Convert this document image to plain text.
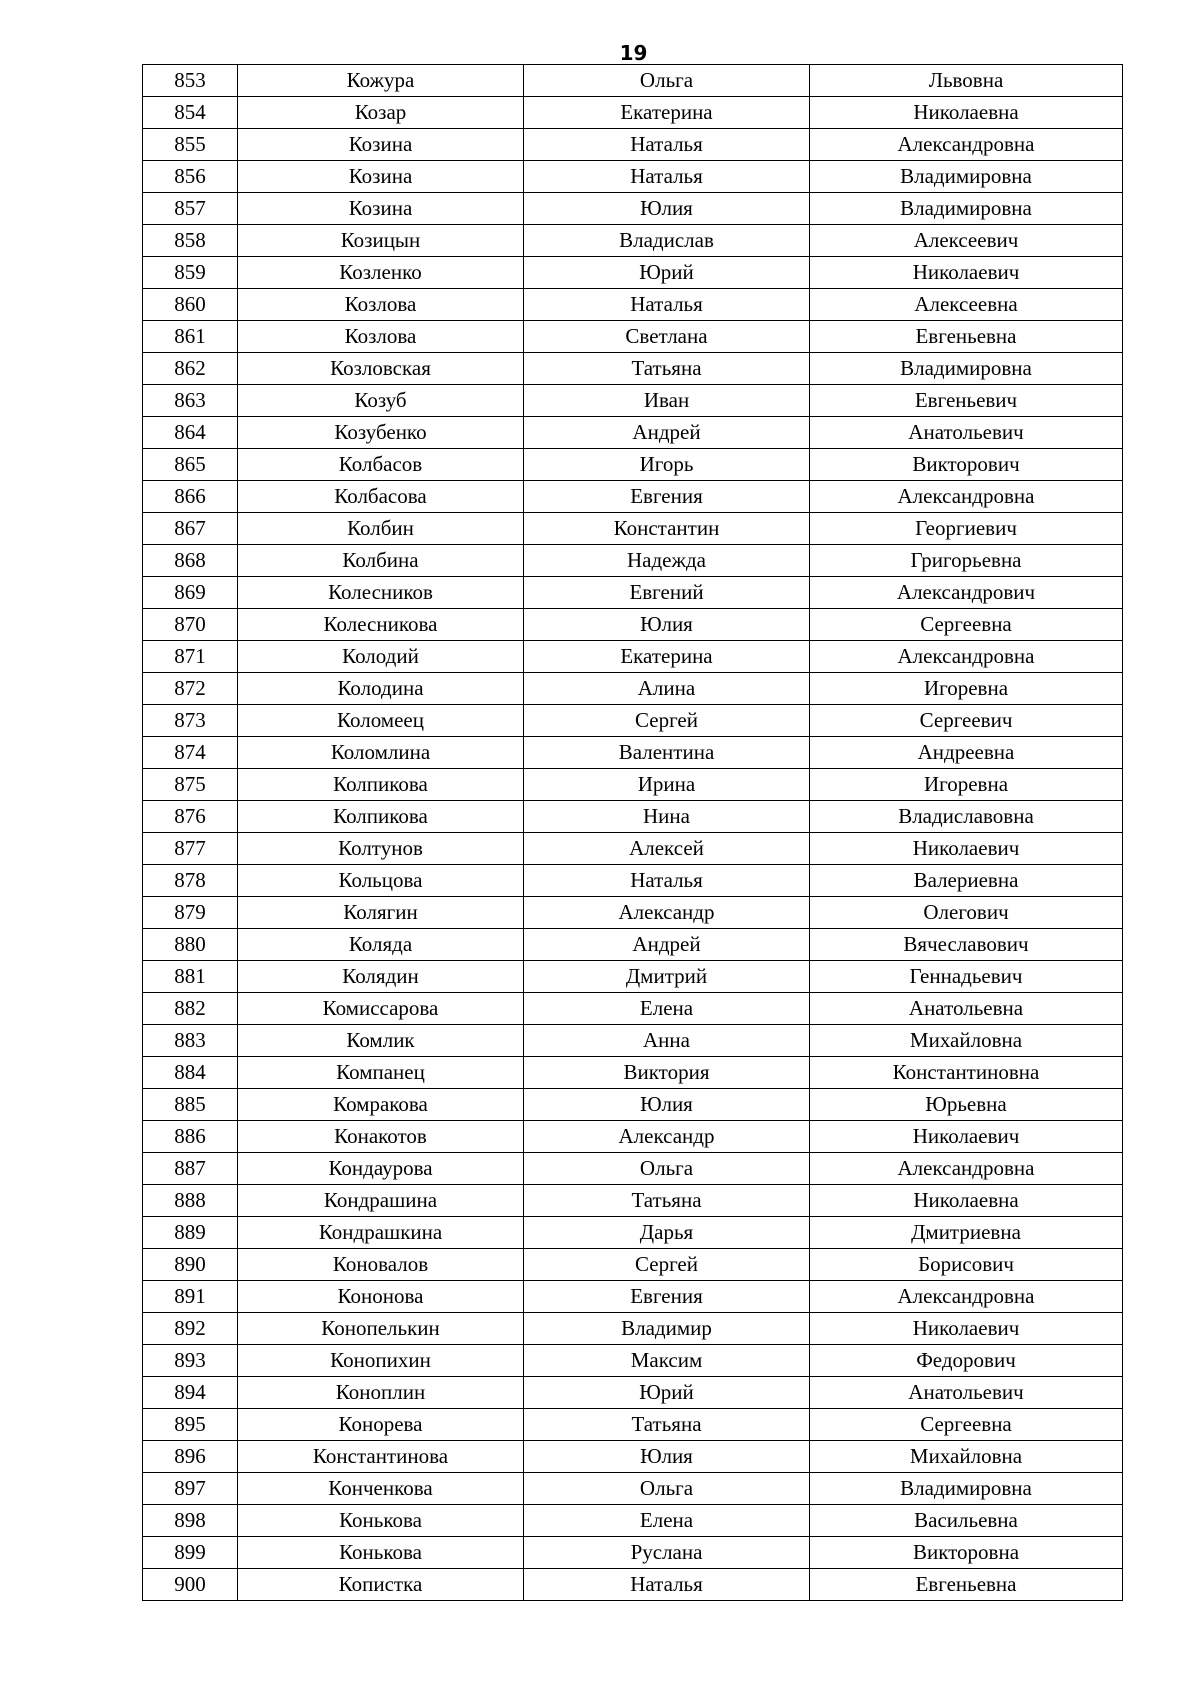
19
853	Кожура	Ольга	Львовна
854	Козар	Екатерина	Николаевна
855	Козина	Наталья	Александровна
856	Козина	Наталья	Владимировна
857	Козина	Юлия	Владимировна
858	Козицын	Владислав	Алексеевич
859	Козленко	Юрий	Николаевич
860	Козлова	Наталья	Алексеевна
861	Козлова	Светлана	Евгеньевна
862	Козловская	Татьяна	Владимировна
863	Козуб	Иван	Евгеньевич
864	Козубенко	Андрей	Анатольевич
865	Колбасов	Игорь	Викторович
866	Колбасова	Евгения	Александровна
867	Колбин	Константин	Георгиевич
868	Колбина	Надежда	Григорьевна
869	Колесников	Евгений	Александрович
870	Колесникова	Юлия	Сергеевна
871	Колодий	Екатерина	Александровна
872	Колодина	Алина	Игоревна
873	Коломеец	Сергей	Сергеевич
874	Коломлина	Валентина	Андреевна
875	Колпикова	Ирина	Игоревна
876	Колпикова	Нина	Владиславовна
877	Колтунов	Алексей	Николаевич
878	Кольцова	Наталья	Валериевна
879	Колягин	Александр	Олегович
880	Коляда	Андрей	Вячеславович
881	Колядин	Дмитрий	Геннадьевич
882	Комиссарова	Елена	Анатольевна
883	Комлик	Анна	Михайловна
884	Компанец	Виктория	Константиновна
885	Комракова	Юлия	Юрьевна
886	Конакотов	Александр	Николаевич
887	Кондаурова	Ольга	Александровна
888	Кондрашина	Татьяна	Николаевна
889	Кондрашкина	Дарья	Дмитриевна
890	Коновалов	Сергей	Борисович
891	Кононова	Евгения	Александровна
892	Конопелькин	Владимир	Николаевич
893	Конопихин	Максим	Федорович
894	Коноплин	Юрий	Анатольевич
895	Конорева	Татьяна	Сергеевна
896	Константинова	Юлия	Михайловна
897	Конченкова	Ольга	Владимировна
898	Конькова	Елена	Васильевна
899	Конькова	Руслана	Викторовна
900	Копистка	Наталья	Евгеньевна
